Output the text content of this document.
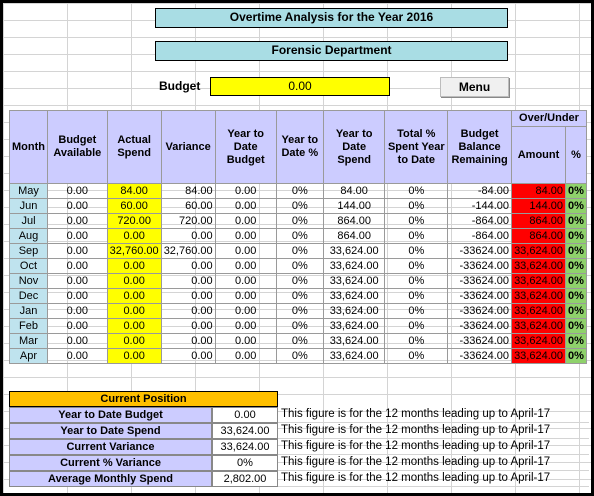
Overtime Analysis for the Year 2016
Forensic Department
Budget	0.00	Menu
Month	Budget Available	Actual Spend	Variance	Year to Date Budget	Year to Date %	Year to Date Spend	Total % Spent Year to Date	Budget Balance Remaining	Over/Under	
									Amount	%
May	0.00	84.00	84.00	0.00	0%	84.00	0%	-84.00	84.00	0%
Jun	0.00	60.00	60.00	0.00	0%	144.00	0%	-144.00	144.00	0%
Jul	0.00	720.00	720.00	0.00	0%	864.00	0%	-864.00	864.00	0%
Aug	0.00	0.00	0.00	0.00	0%	864.00	0%	-864.00	864.00	0%
Sep	0.00	32,760.00	32,760.00	0.00	0%	33,624.00	0%	-33624.00	33,624.00	0%
Oct	0.00	0.00	0.00	0.00	0%	33,624.00	0%	-33624.00	33,624.00	0%
Nov	0.00	0.00	0.00	0.00	0%	33,624.00	0%	-33624.00	33,624.00	0%
Dec	0.00	0.00	0.00	0.00	0%	33,624.00	0%	-33624.00	33,624.00	0%
Jan	0.00	0.00	0.00	0.00	0%	33,624.00	0%	-33624.00	33,624.00	0%
Feb	0.00	0.00	0.00	0.00	0%	33,624.00	0%	-33624.00	33,624.00	0%
Mar	0.00	0.00	0.00	0.00	0%	33,624.00	0%	-33624.00	33,624.00	0%
Apr	0.00	0.00	0.00	0.00	0%	33,624.00	0%	-33624.00	33,624.00	0%
Current Position
Year to Date Budget	0.00	This figure is for the 12 months leading up to April-17
Year to Date Spend	33,624.00	This figure is for the 12 months leading up to April-17
Current Variance	33,624.00	This figure is for the 12 months leading up to April-17
Current % Variance	0%	This figure is for the 12 months leading up to April-17
Average Monthly Spend	2,802.00	This figure is for the 12 months leading up to April-17
